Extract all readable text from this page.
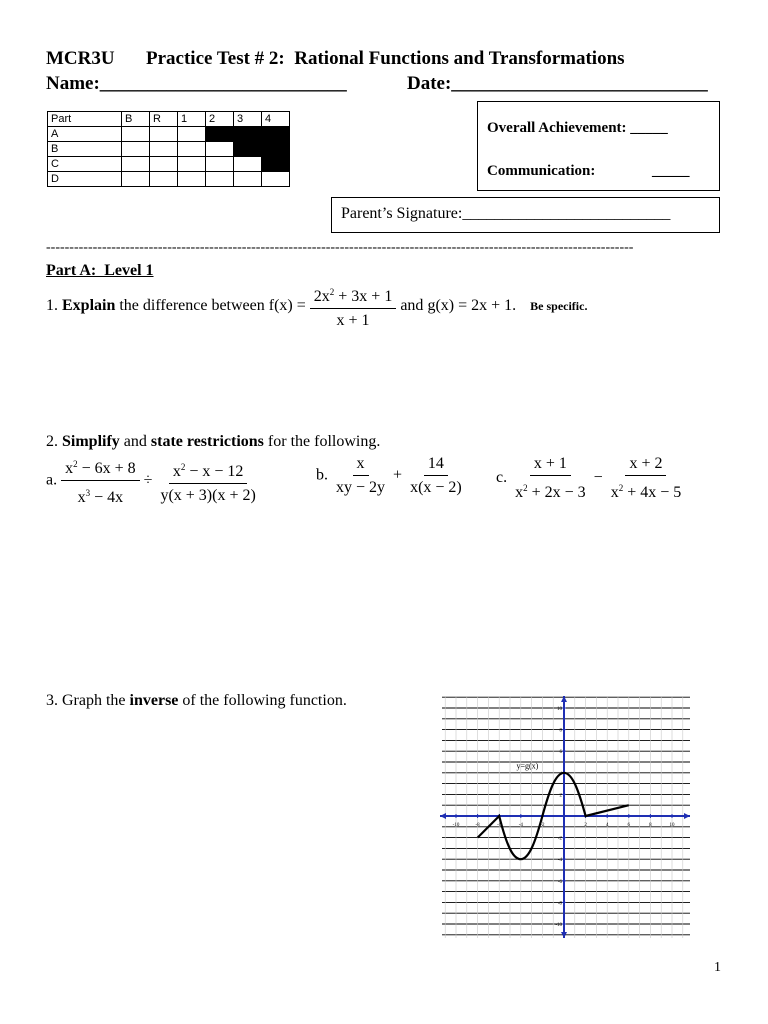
MCR3U Practice Test # 2:  Rational Functions and Transformations
Name:__________________________	Date:___________________________
Part	B	R	1	2	3	4
A						
B						
C						
D						
Overall Achievement: _____
Communication:	_____
Parent’s Signature:__________________________
------------------------------------------------------------------------------------------------------------------------------
Part A:  Level 1
1. Explain the difference between $f(x) = \frac{2x^2 + 3x + 1}{x + 1}$ and g(x) = 2x + 1. Be specific.
2. Simplify and state restrictions for the following.
a. $\frac{x^2 - 6x + 8}{x^3 - 4x} \div \frac{x^2 - x - 12}{y(x + 3)(x + 2)}$	b. $\frac{x}{xy - 2y} + \frac{14}{x(x - 2)} c$. $\frac{x + 1}{x^2 + 2x - 3} - \frac{x + 2}{x^2 + 4x - 5}$
3. Graph the inverse of the following function.
-10	-8	-6	-4	-2	2	4	6	8	10
10
8
6
4
2
-2
-4
-6
-8
-10
y=g(x)
1
